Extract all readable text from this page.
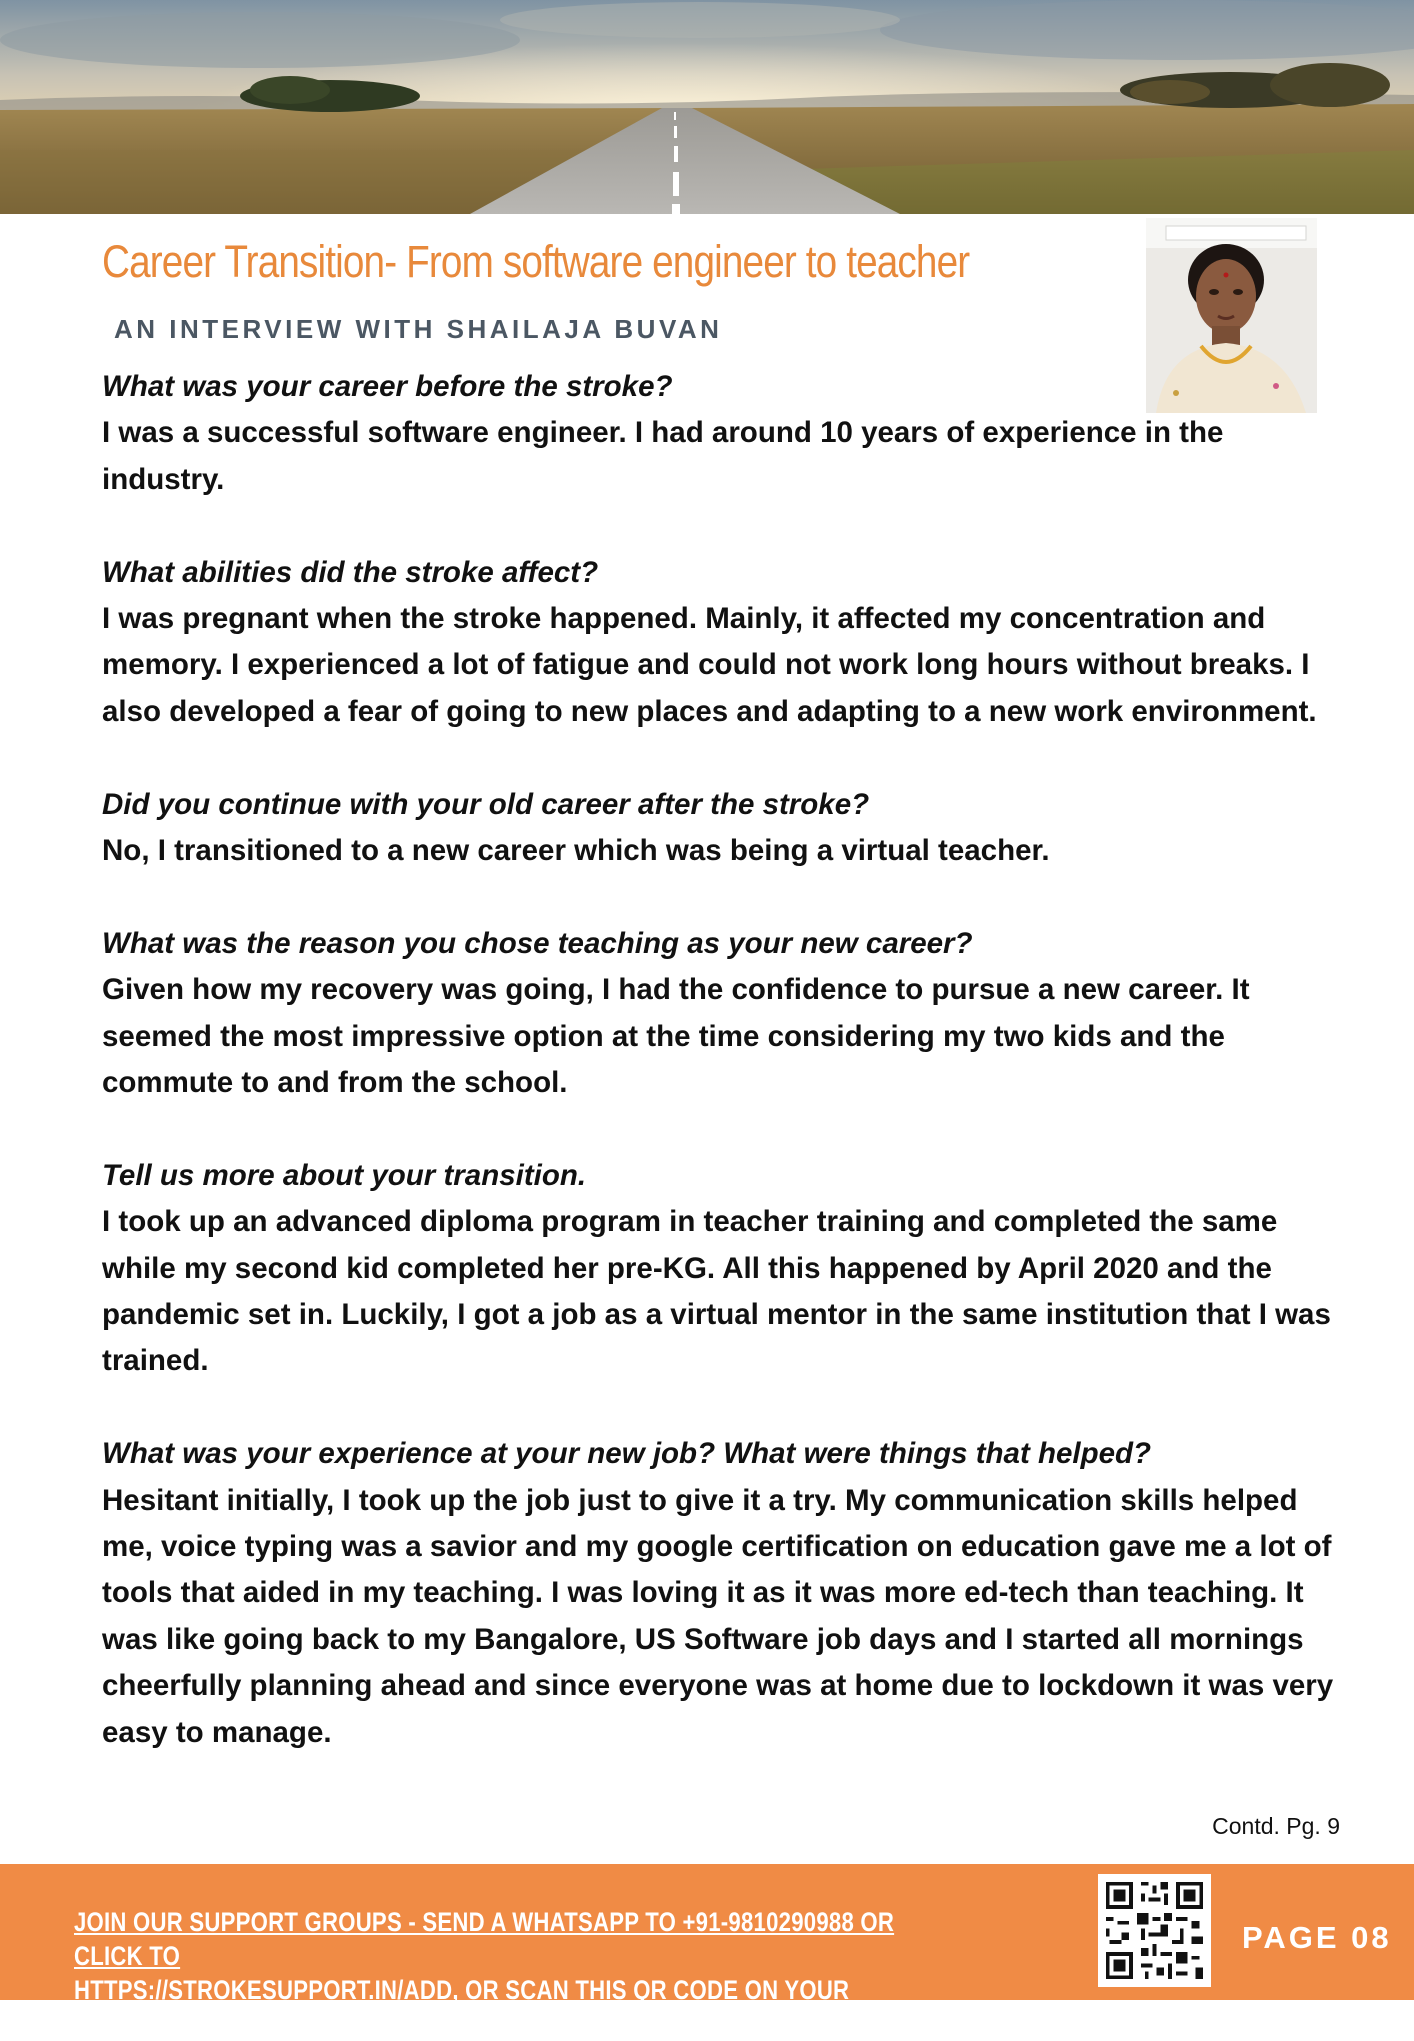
Career Transition- From software engineer to teacher
AN INTERVIEW WITH SHAILAJA BUVAN
What was your career before the stroke?
I was a successful software engineer. I had around 10 years of experience in the industry.
What abilities did the stroke affect?
I was pregnant when the stroke happened. Mainly, it affected my concentration and memory. I experienced a lot of fatigue and could not work long hours without breaks. I also developed a fear of going to new places and adapting to a new work environment.
Did you continue with your old career after the stroke?
No, I transitioned to a new career which was being a virtual teacher.
What was the reason you chose teaching as your new career?
Given how my recovery was going, I had the confidence to pursue a new career. It seemed the most impressive option at the time considering my two kids and the commute to and from the school.
Tell us more about your transition.
I took up an advanced diploma program in teacher training and completed the same while my second kid completed her pre-KG. All this happened by April 2020 and the pandemic set in. Luckily, I got a job as a virtual mentor in the same institution that I was trained.
What was your experience at your new job? What were things that helped?
Hesitant initially, I took up the job just to give it a try. My communication skills helped me, voice typing was a savior and my google certification on education gave me a lot of tools that aided in my teaching. I was loving it as it was more ed-tech than teaching. It was like going back to my Bangalore, US Software job days and I started all mornings cheerfully planning ahead and since everyone was at home due to lockdown it was very easy to manage.
Contd. Pg. 9
JOIN OUR SUPPORT GROUPS - SEND A WHATSAPP TO +91-9810290988 OR CLICK TO
HTTPS://STROKESUPPORT.IN/ADD, OR SCAN THIS QR CODE ON YOUR MOBILE !
PAGE 08
